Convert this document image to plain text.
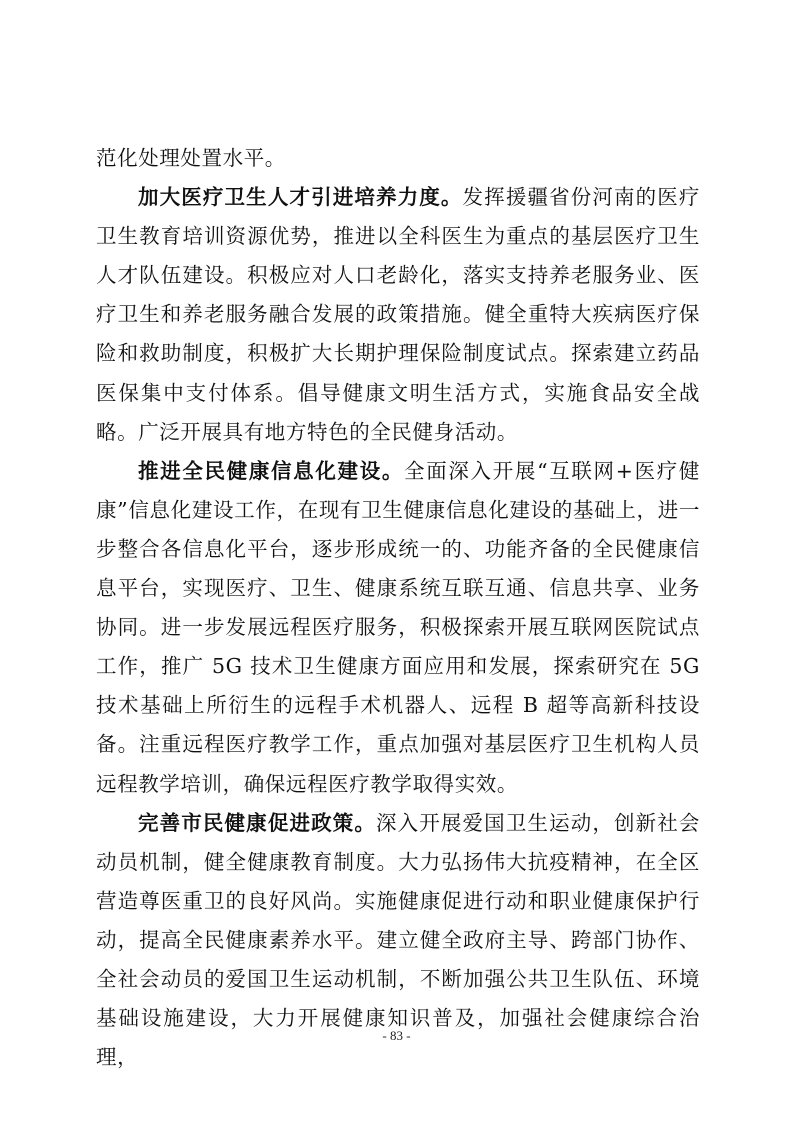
范化处理处置水平。

加大医疗卫生人才引进培养力度。发挥援疆省份河南的医疗卫生教育培训资源优势，推进以全科医生为重点的基层医疗卫生人才队伍建设。积极应对人口老龄化，落实支持养老服务业、医疗卫生和养老服务融合发展的政策措施。健全重特大疾病医疗保险和救助制度，积极扩大长期护理保险制度试点。探索建立药品医保集中支付体系。倡导健康文明生活方式，实施食品安全战略。广泛开展具有地方特色的全民健身活动。

推进全民健康信息化建设。全面深入开展“互联网+医疗健康”信息化建设工作，在现有卫生健康信息化建设的基础上，进一步整合各信息化平台，逐步形成统一的、功能齐备的全民健康信息平台，实现医疗、卫生、健康系统互联互通、信息共享、业务协同。进一步发展远程医疗服务，积极探索开展互联网医院试点工作，推广 5G 技术卫生健康方面应用和发展，探索研究在 5G 技术基础上所衍生的远程手术机器人、远程 B 超等高新科技设备。注重远程医疗教学工作，重点加强对基层医疗卫生机构人员远程教学培训，确保远程医疗教学取得实效。

完善市民健康促进政策。深入开展爱国卫生运动，创新社会动员机制，健全健康教育制度。大力弘扬伟大抗疫精神，在全区营造尊医重卫的良好风尚。实施健康促进行动和职业健康保护行动，提高全民健康素养水平。建立健全政府主导、跨部门协作、全社会动员的爱国卫生运动机制，不断加强公共卫生队伍、环境基础设施建设，大力开展健康知识普及，加强社会健康综合治理，

- 83 -
